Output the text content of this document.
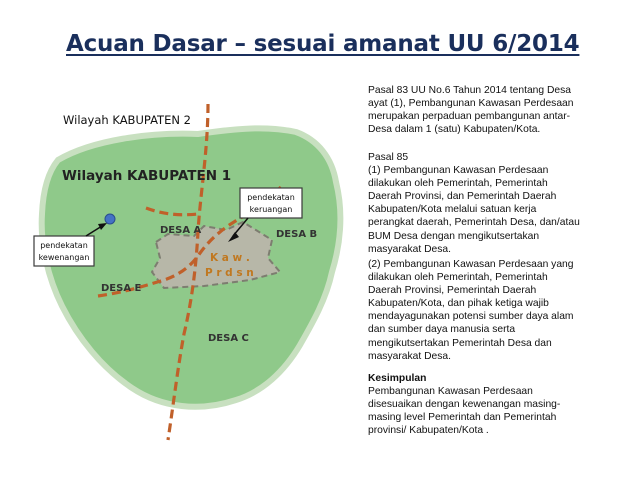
Acuan Dasar – sesuai amanat UU 6/2014
Wilayah KABUPATEN 2
pendekatan
keruangan
pendekatan
kewenangan
Wilayah KABUPATEN 1
DESA A	DESA B
DESA E
DESA C
K a w .
P r d s n

Pasal 83 UU No.6 Tahun 2014 tentang Desa
ayat (1), Pembangunan Kawasan Perdesaan
merupakan perpaduan pembangunan antar-
Desa dalam 1 (satu) Kabupaten/Kota.

Pasal 85
(1) Pembangunan Kawasan Perdesaan
dilakukan oleh Pemerintah, Pemerintah
Daerah Provinsi, dan Pemerintah Daerah
Kabupaten/Kota melalui satuan kerja
perangkat daerah, Pemerintah Desa, dan/atau
BUM Desa dengan mengikutsertakan
masyarakat Desa.

(2) Pembangunan Kawasan Perdesaan yang
dilakukan oleh Pemerintah, Pemerintah
Daerah Provinsi, Pemerintah Daerah
Kabupaten/Kota, dan pihak ketiga wajib
mendayagunakan potensi sumber daya alam
dan sumber daya manusia serta
mengikutsertakan Pemerintah Desa dan
masyarakat Desa.

Kesimpulan

Pembangunan Kawasan Perdesaan
disesuaikan dengan kewenangan masing-
masing level Pemerintah dan Pemerintah
provinsi/ Kabupaten/Kota .
